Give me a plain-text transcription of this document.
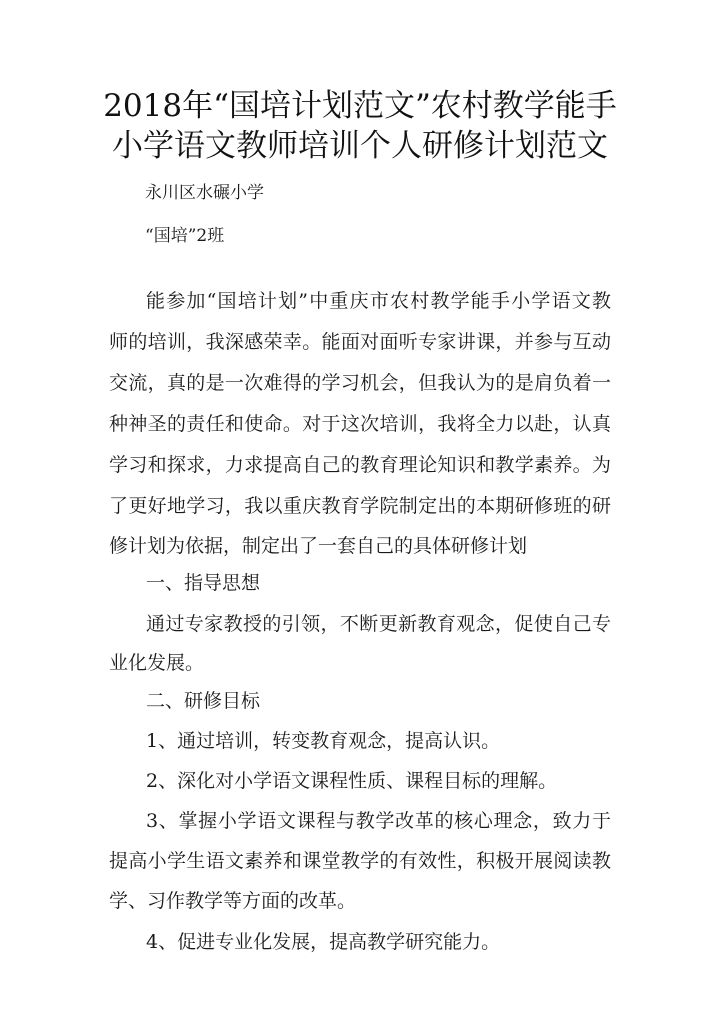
2018年“国培计划范文”农村教学能手
小学语文教师培训个人研修计划范文
永川区水碾小学
“国培”2班
能参加“国培计划”中重庆市农村教学能手小学语文教
师的培训，我深感荣幸。能面对面听专家讲课，并参与互动
交流，真的是一次难得的学习机会，但我认为的是肩负着一
种神圣的责任和使命。对于这次培训，我将全力以赴，认真
学习和探求，力求提高自己的教育理论知识和教学素养。为
了更好地学习，我以重庆教育学院制定出的本期研修班的研
修计划为依据，制定出了一套自己的具体研修计划
一、指导思想
通过专家教授的引领，不断更新教育观念，促使自己专
业化发展。
二、研修目标
1、通过培训，转变教育观念，提高认识。
2、深化对小学语文课程性质、课程目标的理解。
3、掌握小学语文课程与教学改革的核心理念，致力于
提高小学生语文素养和课堂教学的有效性，积极开展阅读教
学、习作教学等方面的改革。
4、促进专业化发展，提高教学研究能力。
